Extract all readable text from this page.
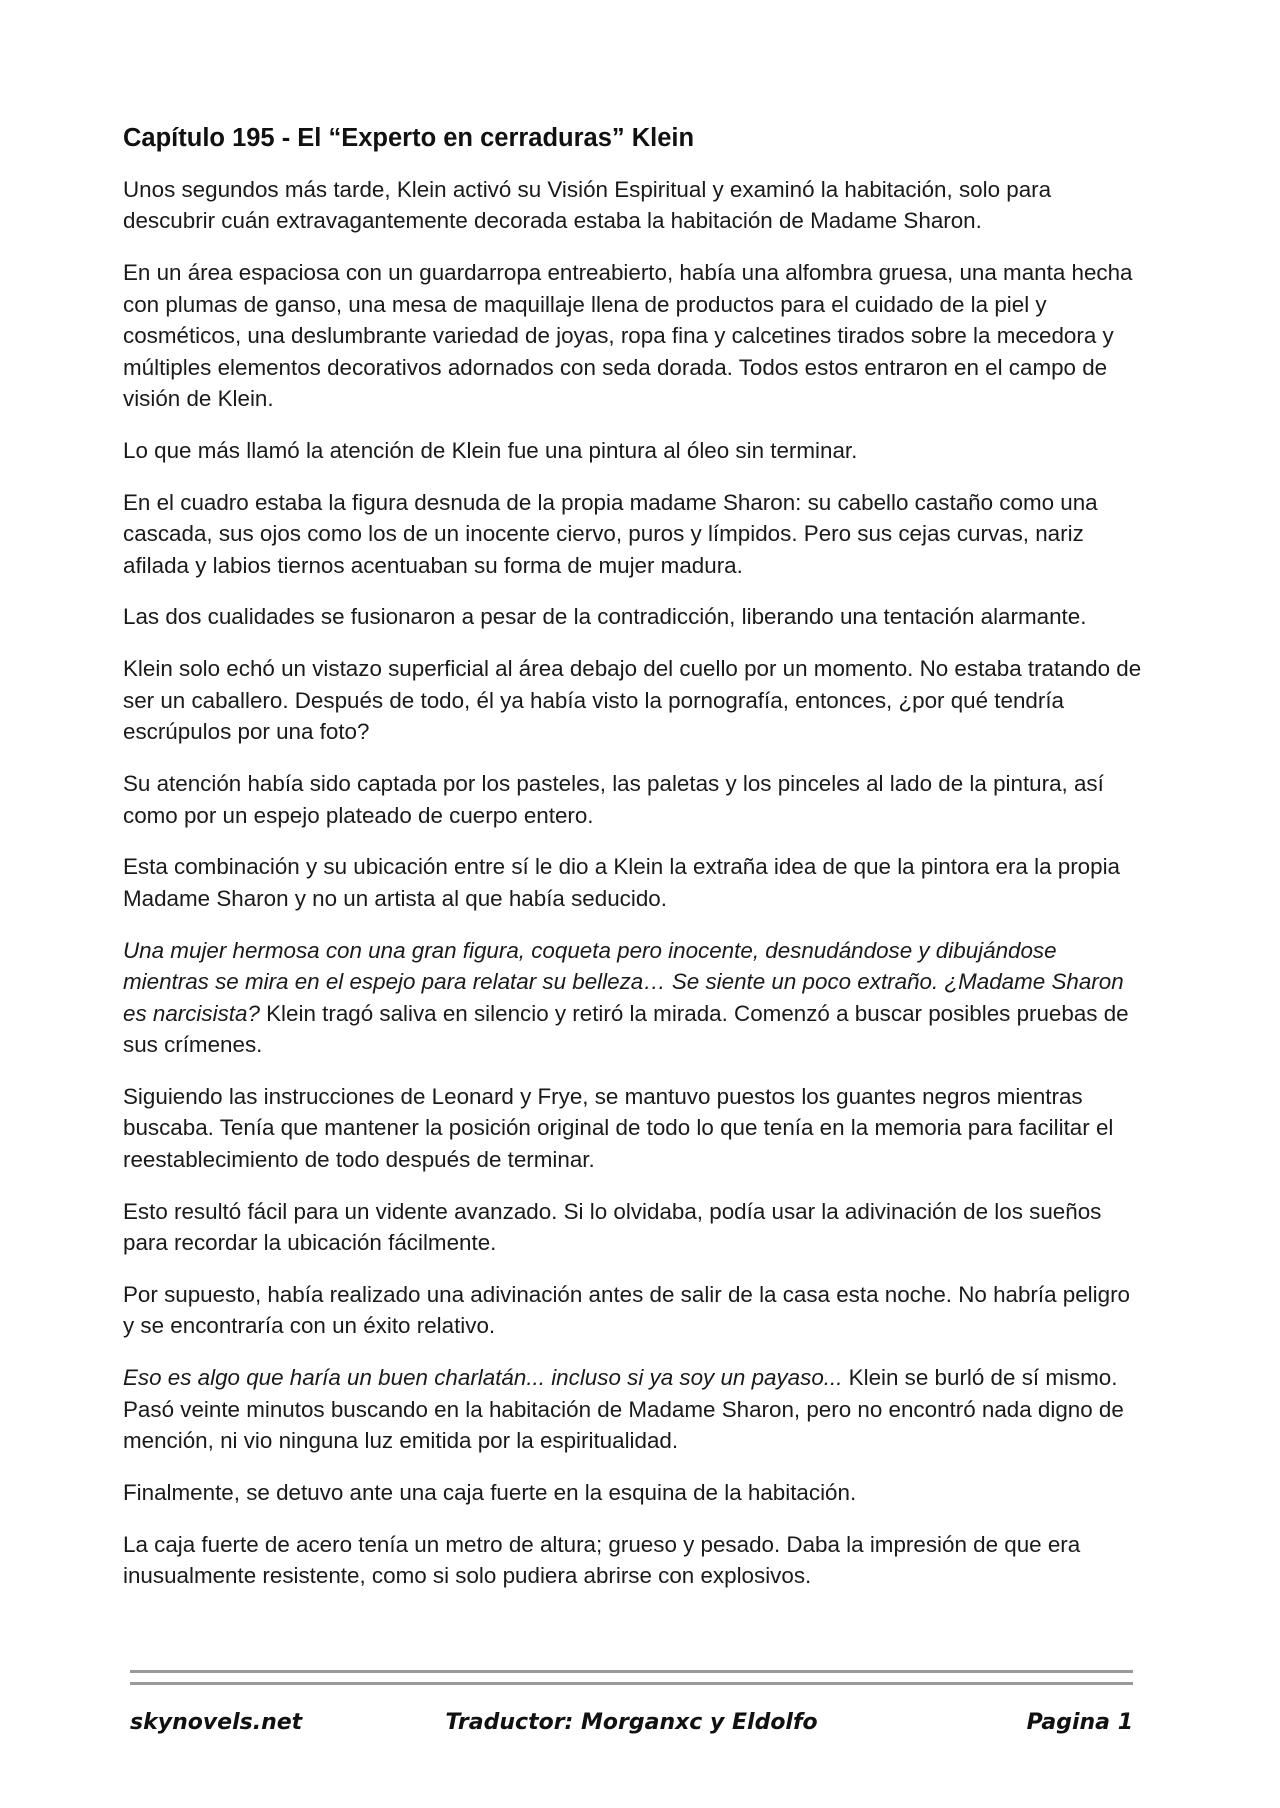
Capítulo 195 - El “Experto en cerraduras” Klein

Unos segundos más tarde, Klein activó su Visión Espiritual y examinó la habitación, solo para descubrir cuán extravagantemente decorada estaba la habitación de Madame Sharon.

En un área espaciosa con un guardarropa entreabierto, había una alfombra gruesa, una manta hecha con plumas de ganso, una mesa de maquillaje llena de productos para el cuidado de la piel y cosméticos, una deslumbrante variedad de joyas, ropa fina y calcetines tirados sobre la mecedora y múltiples elementos decorativos adornados con seda dorada. Todos estos entraron en el campo de visión de Klein.

Lo que más llamó la atención de Klein fue una pintura al óleo sin terminar.

En el cuadro estaba la figura desnuda de la propia madame Sharon: su cabello castaño como una cascada, sus ojos como los de un inocente ciervo, puros y límpidos. Pero sus cejas curvas, nariz afilada y labios tiernos acentuaban su forma de mujer madura.

Las dos cualidades se fusionaron a pesar de la contradicción, liberando una tentación alarmante.

Klein solo echó un vistazo superficial al área debajo del cuello por un momento. No estaba tratando de ser un caballero. Después de todo, él ya había visto la pornografía, entonces, ¿por qué tendría escrúpulos por una foto?

Su atención había sido captada por los pasteles, las paletas y los pinceles al lado de la pintura, así como por un espejo plateado de cuerpo entero.

Esta combinación y su ubicación entre sí le dio a Klein la extraña idea de que la pintora era la propia Madame Sharon y no un artista al que había seducido.

Una mujer hermosa con una gran figura, coqueta pero inocente, desnudándose y dibujándose mientras se mira en el espejo para relatar su belleza… Se siente un poco extraño. ¿Madame Sharon es narcisista? Klein tragó saliva en silencio y retiró la mirada. Comenzó a buscar posibles pruebas de sus crímenes.

Siguiendo las instrucciones de Leonard y Frye, se mantuvo puestos los guantes negros mientras buscaba. Tenía que mantener la posición original de todo lo que tenía en la memoria para facilitar el reestablecimiento de todo después de terminar.

Esto resultó fácil para un vidente avanzado. Si lo olvidaba, podía usar la adivinación de los sueños para recordar la ubicación fácilmente.

Por supuesto, había realizado una adivinación antes de salir de la casa esta noche. No habría peligro y se encontraría con un éxito relativo.

Eso es algo que haría un buen charlatán... incluso si ya soy un payaso... Klein se burló de sí mismo. Pasó veinte minutos buscando en la habitación de Madame Sharon, pero no encontró nada digno de mención, ni vio ninguna luz emitida por la espiritualidad.

Finalmente, se detuvo ante una caja fuerte en la esquina de la habitación.

La caja fuerte de acero tenía un metro de altura; grueso y pesado. Daba la impresión de que era inusualmente resistente, como si solo pudiera abrirse con explosivos.

skynovels.net	Traductor: Morganxc y Eldolfo	Pagina 1
